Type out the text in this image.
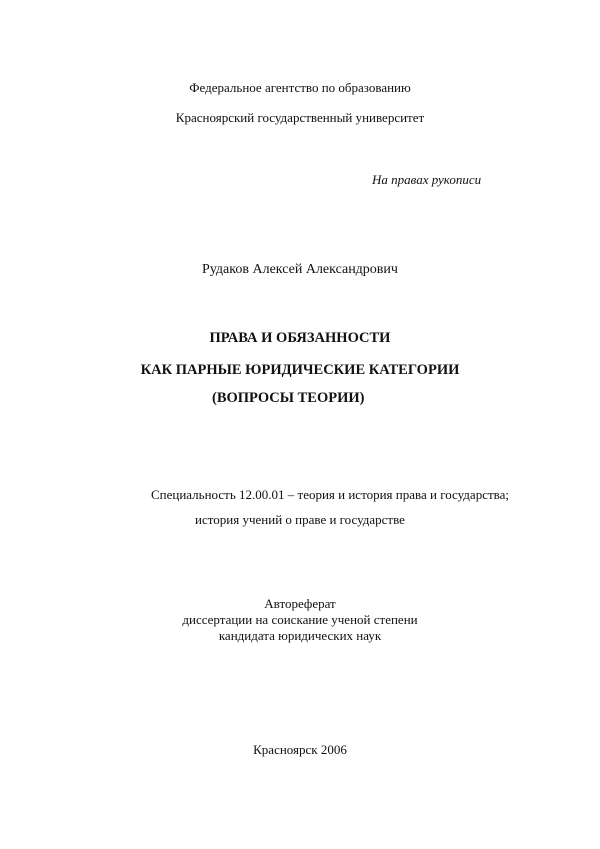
Федеральное агентство по образованию
Красноярский государственный университет
На правах рукописи
Рудаков Алексей Александрович
ПРАВА И ОБЯЗАННОСТИ
КАК ПАРНЫЕ ЮРИДИЧЕСКИЕ КАТЕГОРИИ
(ВОПРОСЫ ТЕОРИИ)
Специальность 12.00.01 – теория и история права и государства;
история учений о праве и государстве
Автореферат
диссертации на соискание ученой степени
кандидата юридических наук
Красноярск 2006
